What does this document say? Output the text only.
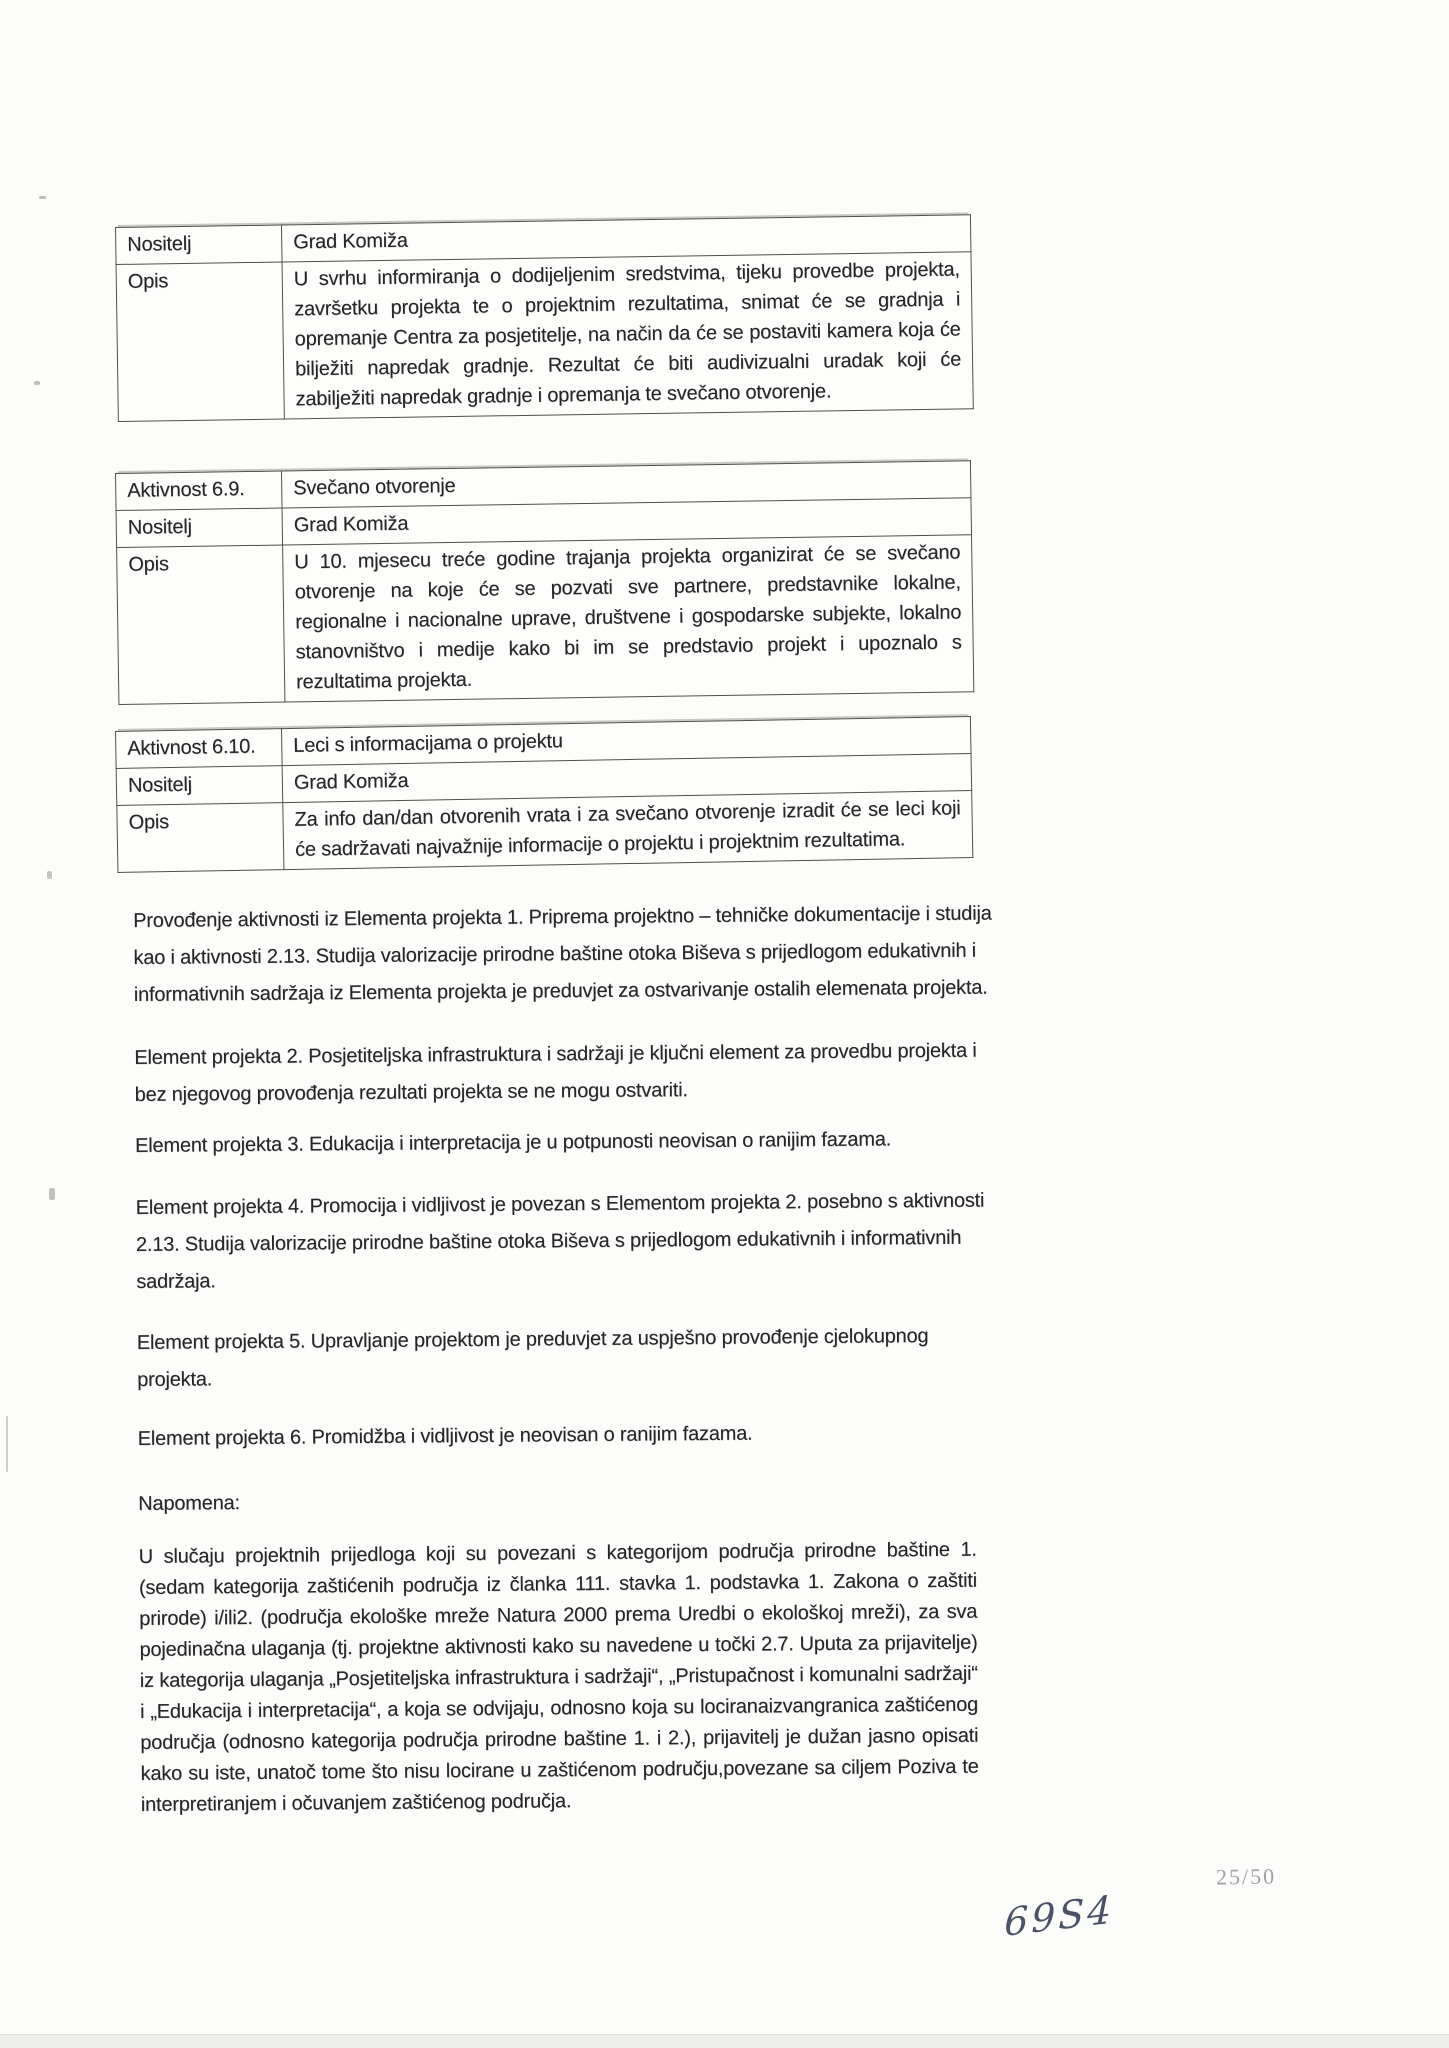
Nositelj	Grad Komiža
Opis	U svrhu informiranja o dodijeljenim sredstvima, tijeku provedbe projekta, završetku projekta te o projektnim rezultatima, snimat će se gradnja i opremanje Centra za posjetitelje, na način da će se postaviti kamera koja će bilježiti napredak gradnje. Rezultat će biti audivizualni uradak koji će zabilježiti napredak gradnje i opremanja te svečano otvorenje.
Aktivnost 6.9.	Svečano otvorenje
Nositelj	Grad Komiža
Opis	U 10. mjesecu treće godine trajanja projekta organizirat će se svečano otvorenje na koje će se pozvati sve partnere, predstavnike lokalne, regionalne i nacionalne uprave, društvene i gospodarske subjekte, lokalno stanovništvo i medije kako bi im se predstavio projekt i upoznalo s rezultatima projekta.
Aktivnost 6.10.	Leci s informacijama o projektu
Nositelj	Grad Komiža
Opis	Za info dan/dan otvorenih vrata i za svečano otvorenje izradit će se leci koji će sadržavati najvažnije informacije o projektu i projektnim rezultatima.

Provođenje aktivnosti iz Elementa projekta 1. Priprema projektno – tehničke dokumentacije i studija kao i aktivnosti 2.13. Studija valorizacije prirodne baštine otoka Biševa s prijedlogom edukativnih i informativnih sadržaja iz Elementa projekta je preduvjet za ostvarivanje ostalih elemenata projekta.

Element projekta 2. Posjetiteljska infrastruktura i sadržaji je ključni element za provedbu projekta i bez njegovog provođenja rezultati projekta se ne mogu ostvariti.

Element projekta 3. Edukacija i interpretacija je u potpunosti neovisan o ranijim fazama.

Element projekta 4. Promocija i vidljivost je povezan s Elementom projekta 2. posebno s aktivnosti 2.13. Studija valorizacije prirodne baštine otoka Biševa s prijedlogom edukativnih i informativnih sadržaja.

Element projekta 5. Upravljanje projektom je preduvjet za uspješno provođenje cjelokupnog projekta.

Element projekta 6. Promidžba i vidljivost je neovisan o ranijim fazama.

Napomena:

U slučaju projektnih prijedloga koji su povezani s kategorijom područja prirodne baštine 1. (sedam kategorija zaštićenih područja iz članka 111. stavka 1. podstavka 1. Zakona o zaštiti prirode) i/ili2. (područja ekološke mreže Natura 2000 prema Uredbi o ekološkoj mreži), za sva pojedinačna ulaganja (tj. projektne aktivnosti kako su navedene u točki 2.7. Uputa za prijavitelje) iz kategorija ulaganja „Posjetiteljska infrastruktura i sadržaji“, „Pristupačnost i komunalni sadržaji“ i „Edukacija i interpretacija“, a koja se odvijaju, odnosno koja su lociranaizvangranica zaštićenog područja (odnosno kategorija područja prirodne baštine 1. i 2.), prijavitelj je dužan jasno opisati kako su iste, unatoč tome što nisu locirane u zaštićenom području,povezane sa ciljem Poziva te interpretiranjem i očuvanjem zaštićenog područja.

25/50
69S4
